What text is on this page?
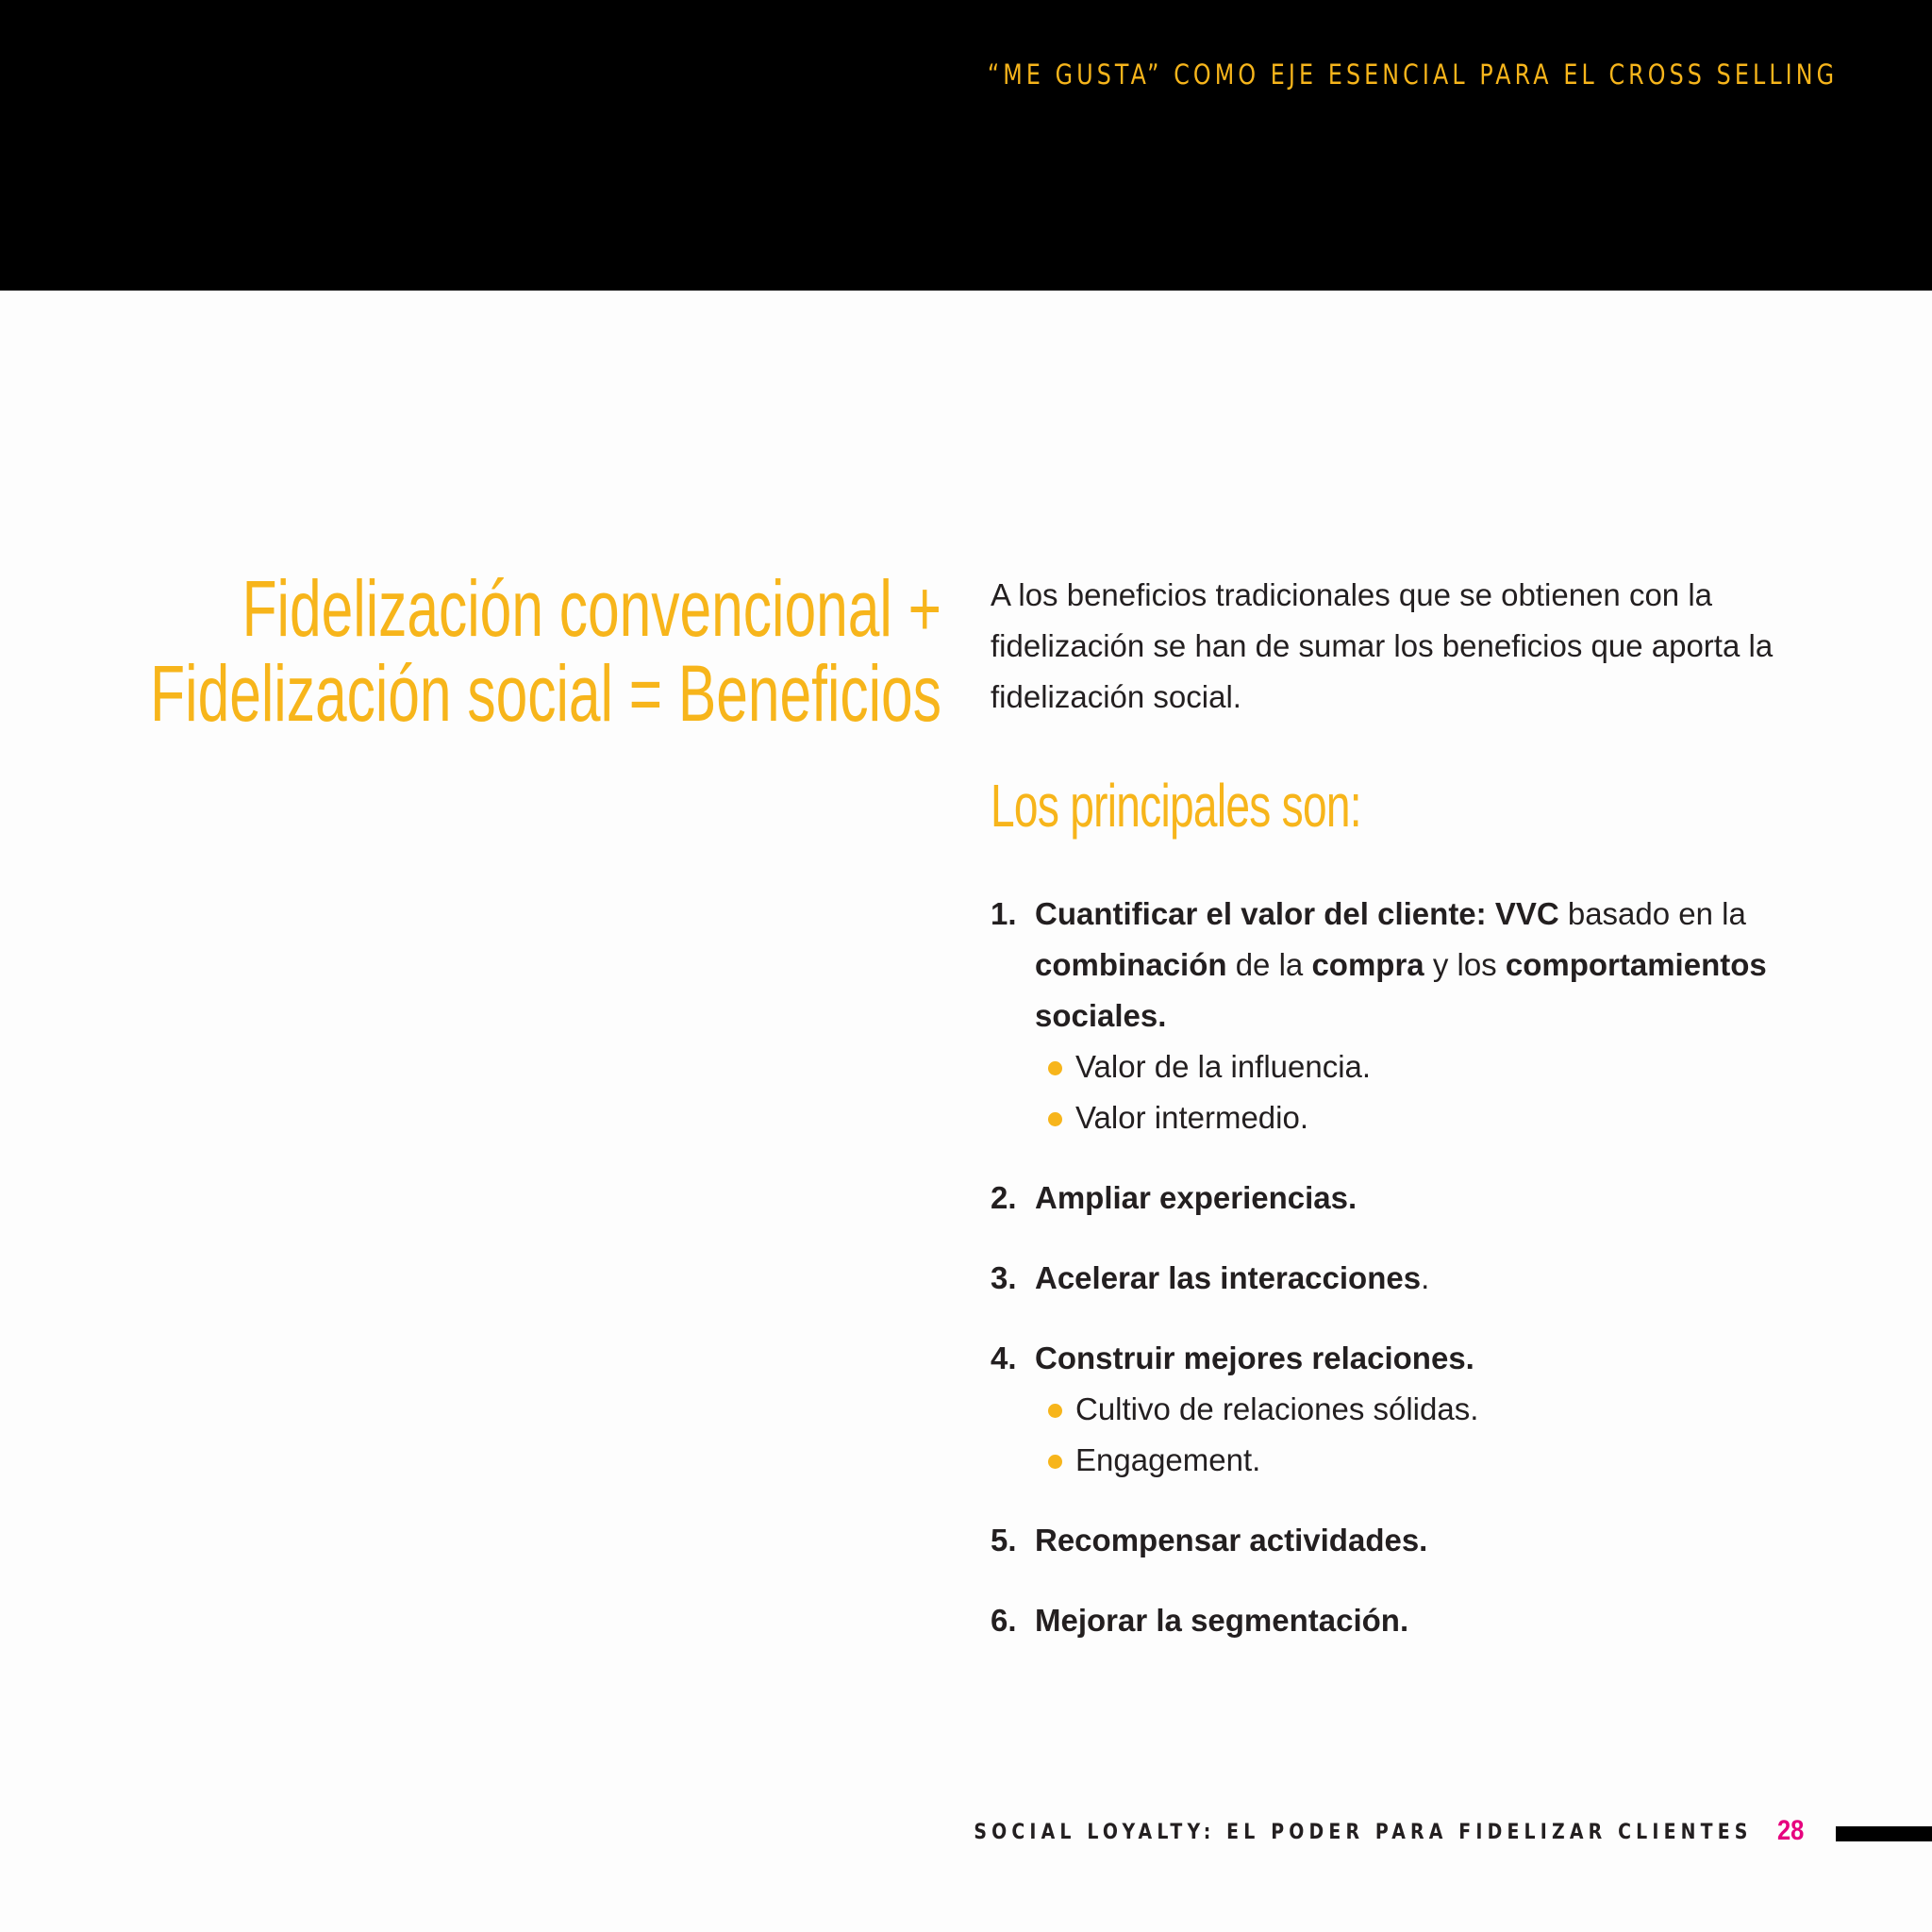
“ME GUSTA” COMO EJE ESENCIAL PARA EL CROSS SELLING
Fidelización convencional +
Fidelización social = Beneficios
A los beneficios tradicionales que se obtienen con la fidelización se han de sumar los beneficios que aporta la fidelización social.
Los principales son:
1. Cuantificar el valor del cliente: VVC basado en la combinación de la compra y los comportamientos sociales.
Valor de la influencia.
Valor intermedio.
2. Ampliar experiencias.
3. Acelerar las interacciones.
4. Construir mejores relaciones.
Cultivo de relaciones sólidas.
Engagement.
5. Recompensar actividades.
6. Mejorar la segmentación.
SOCIAL LOYALTY: EL PODER PARA FIDELIZAR CLIENTES 28
